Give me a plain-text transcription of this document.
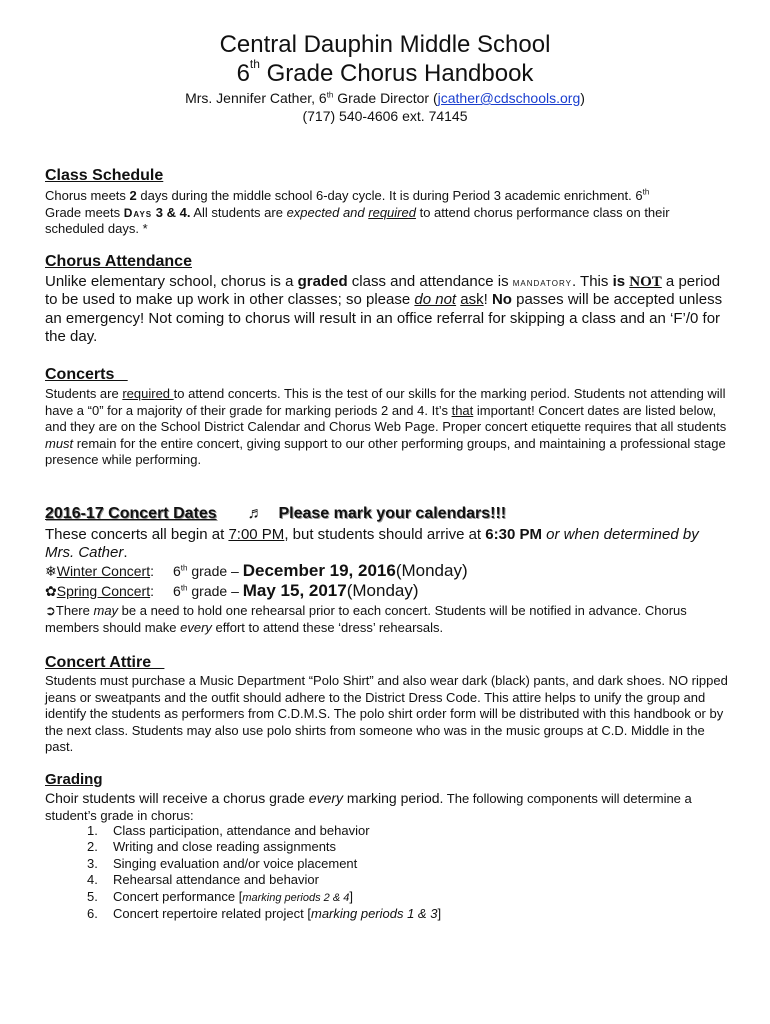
Central Dauphin Middle School
6th Grade Chorus Handbook
Mrs. Jennifer Cather, 6th Grade Director (jcather@cdschools.org)
(717) 540-4606 ext. 74145
Class Schedule
Chorus meets 2 days during the middle school 6-day cycle. It is during Period 3 academic enrichment. 6th
Grade meets Days 3 & 4. All students are expected and required to attend chorus performance class on their scheduled days. *
Chorus Attendance
Unlike elementary school, chorus is a graded class and attendance is mandatory. This is NOT a period to be used to make up work in other classes; so please do not ask! No passes will be accepted unless an emergency! Not coming to chorus will result in an office referral for skipping a class and an ‘F’/0 for the day.
Concerts
Students are required to attend concerts. This is the test of our skills for the marking period. Students not attending will have a “0” for a majority of their grade for marking periods 2 and 4. It’s that important! Concert dates are listed below, and they are on the School District Calendar and Chorus Web Page. Proper concert etiquette requires that all students must remain for the entire concert, giving support to our other performing groups, and maintaining a professional stage presence while performing.
2016-17 Concert Dates ♬ Please mark your calendars!!!
These concerts all begin at 7:00 PM, but students should arrive at 6:30 PM or when determined by Mrs. Cather.
❄Winter Concert: 6th grade – December 19, 2016(Monday)
✿Spring Concert: 6th grade – May 15, 2017(Monday)
➲There may be a need to hold one rehearsal prior to each concert. Students will be notified in advance. Chorus members should make every effort to attend these ‘dress’ rehearsals.
Concert Attire
Students must purchase a Music Department “Polo Shirt” and also wear dark (black) pants, and dark shoes. NO ripped jeans or sweatpants and the outfit should adhere to the District Dress Code. This attire helps to unify the group and identify the students as performers from C.D.M.S. The polo shirt order form will be distributed with this handbook or by the next class. Students may also use polo shirts from someone who was in the music groups at C.D. Middle in the past.
Grading
Choir students will receive a chorus grade every marking period. The following components will determine a student’s grade in chorus:
1.	Class participation, attendance and behavior
2.	Writing and close reading assignments
3.	Singing evaluation and/or voice placement
4.	Rehearsal attendance and behavior
5.	Concert performance [marking periods 2 & 4]
6.	Concert repertoire related project [marking periods 1 & 3]
